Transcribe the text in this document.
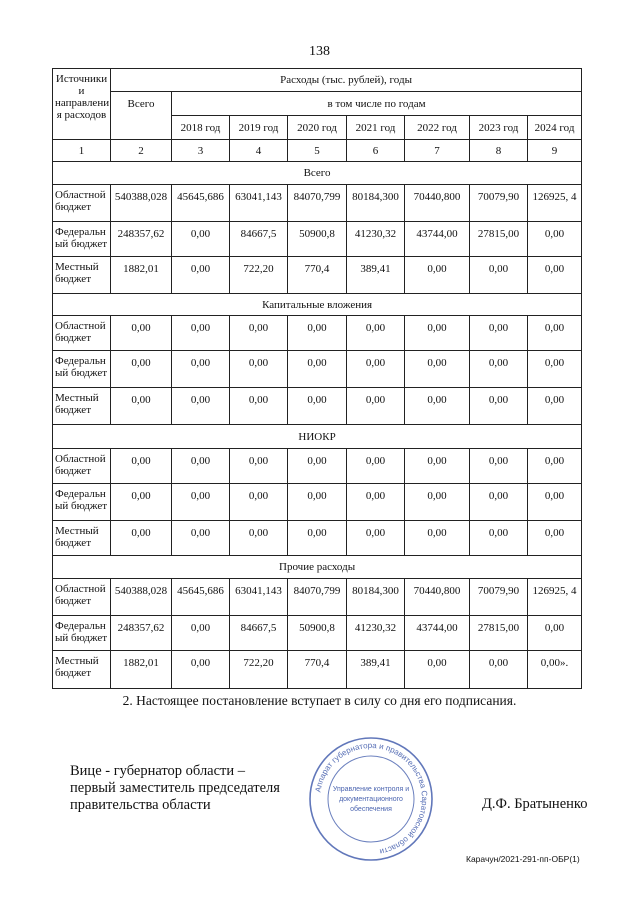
138
Источники и направлени я расходов	Расходы (тыс. рублей), годы							
	Всего	в том числе по годам						
		2018 год	2019 год	2020 год	2021 год	2022 год	2023 год	2024 год
1	2	3	4	5	6	7	8	9
Всего								
Областной бюджет	540388,028	45645,686	63041,143	84070,799	80184,300	70440,800	70079,90	126925, 4
Федеральн ый бюджет	248357,62	0,00	84667,5	50900,8	41230,32	43744,00	27815,00	0,00
Местный бюджет	1882,01	0,00	722,20	770,4	389,41	0,00	0,00	0,00
Капитальные вложения								
Областной бюджет	0,00	0,00	0,00	0,00	0,00	0,00	0,00	0,00
Федеральн ый бюджет	0,00	0,00	0,00	0,00	0,00	0,00	0,00	0,00
Местный бюджет	0,00	0,00	0,00	0,00	0,00	0,00	0,00	0,00
НИОКР								
Областной бюджет	0,00	0,00	0,00	0,00	0,00	0,00	0,00	0,00
Федеральн ый бюджет	0,00	0,00	0,00	0,00	0,00	0,00	0,00	0,00
Местный бюджет	0,00	0,00	0,00	0,00	0,00	0,00	0,00	0,00
Прочие расходы								
Областной бюджет	540388,028	45645,686	63041,143	84070,799	80184,300	70440,800	70079,90	126925, 4
Федеральн ый бюджет	248357,62	0,00	84667,5	50900,8	41230,32	43744,00	27815,00	0,00
Местный бюджет	1882,01	0,00	722,20	770,4	389,41	0,00	0,00	0,00».
2. Настоящее постановление вступает в силу со дня его подписания.
Вице - губернатор области –
первый заместитель председателя
правительства области
Аппарат губернатора и правительства Саратовской области
Управление контроля и
документационного
обеспечения	Д.Ф. Братыненко
Карачун/2021-291-пп-ОБР(1)
